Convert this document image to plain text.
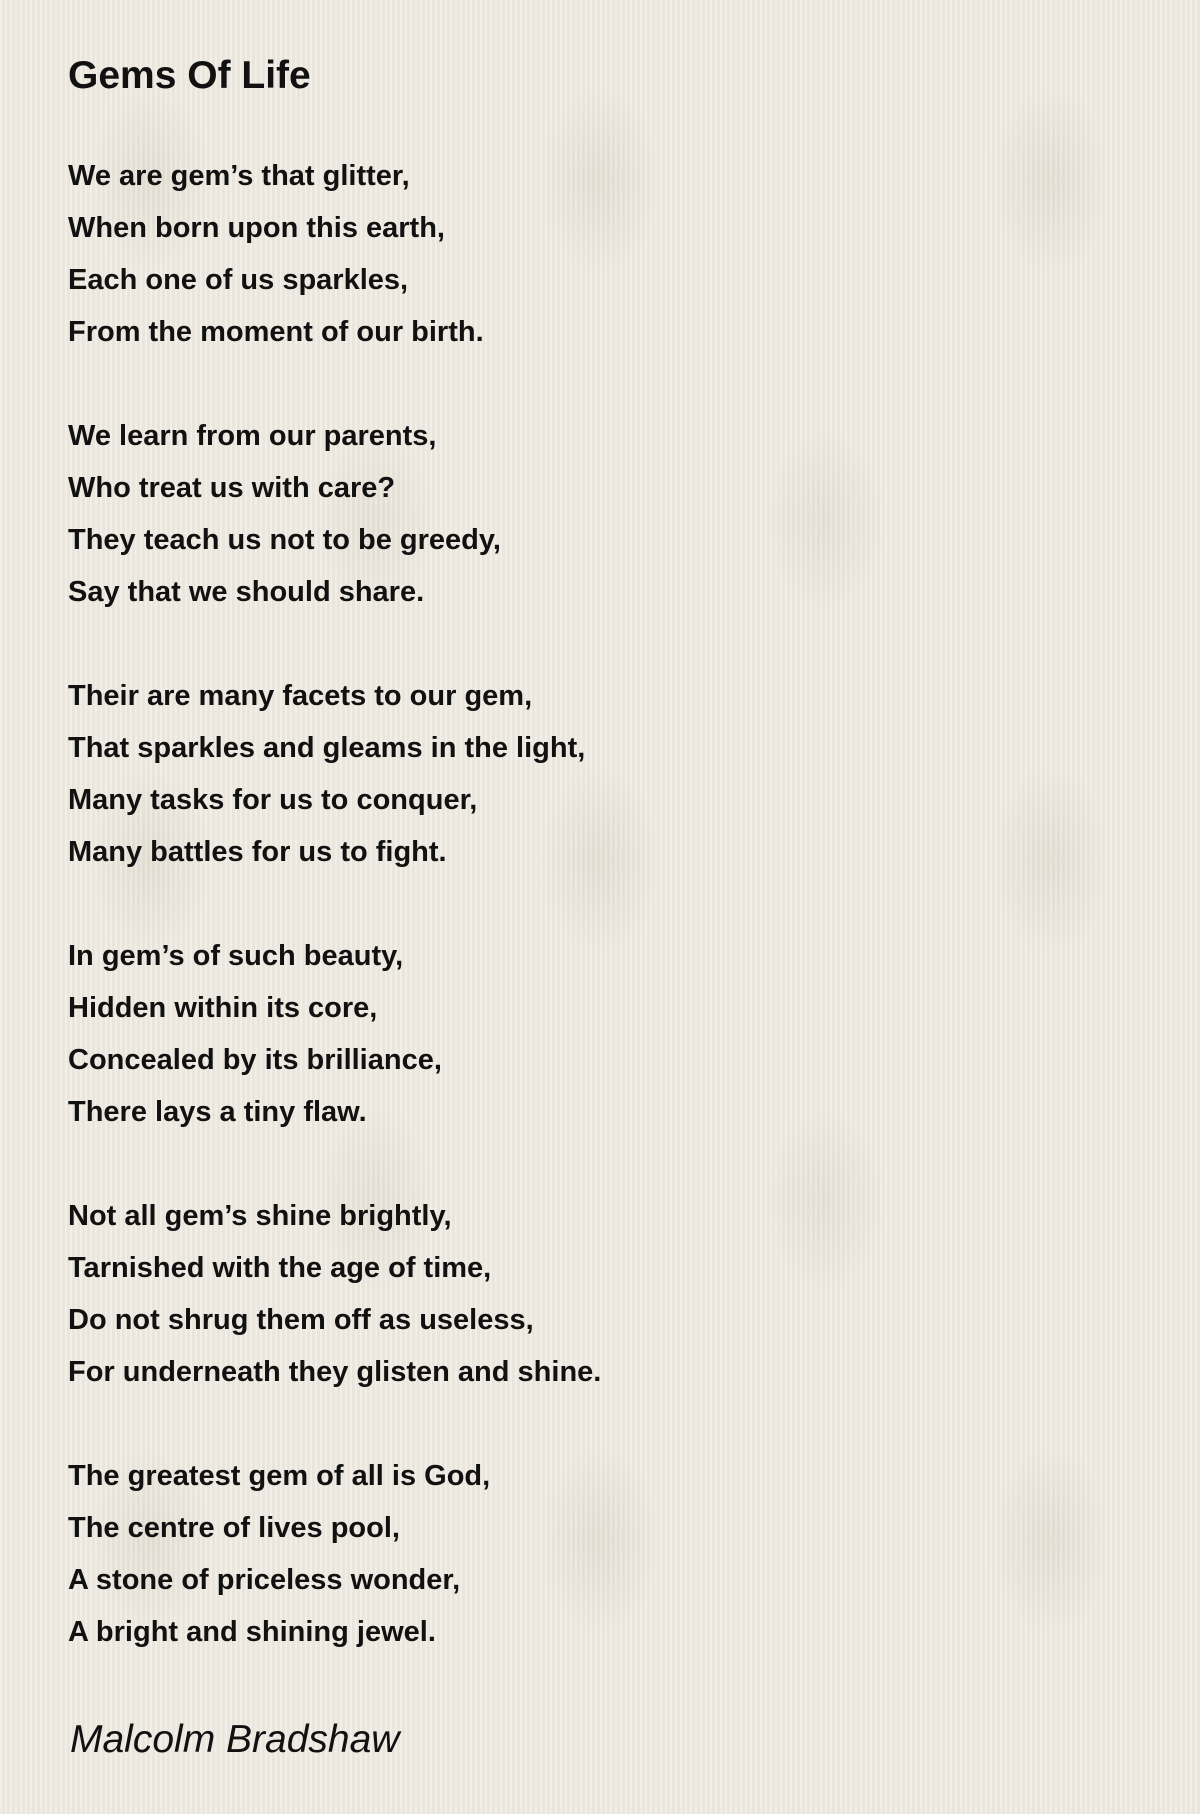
Gems Of Life
We are gem’s that glitter,
When born upon this earth,
Each one of us sparkles,
From the moment of our birth.
We learn from our parents,
Who treat us with care?
They teach us not to be greedy,
Say that we should share.
Their are many facets to our gem,
That sparkles and gleams in the light,
Many tasks for us to conquer,
Many battles for us to fight.
In gem’s of such beauty,
Hidden within its core,
Concealed by its brilliance,
There lays a tiny flaw.
Not all gem’s shine brightly,
Tarnished with the age of time,
Do not shrug them off as useless,
For underneath they glisten and shine.
The greatest gem of all is God,
The centre of lives pool,
A stone of priceless wonder,
A bright and shining jewel.
Malcolm Bradshaw
